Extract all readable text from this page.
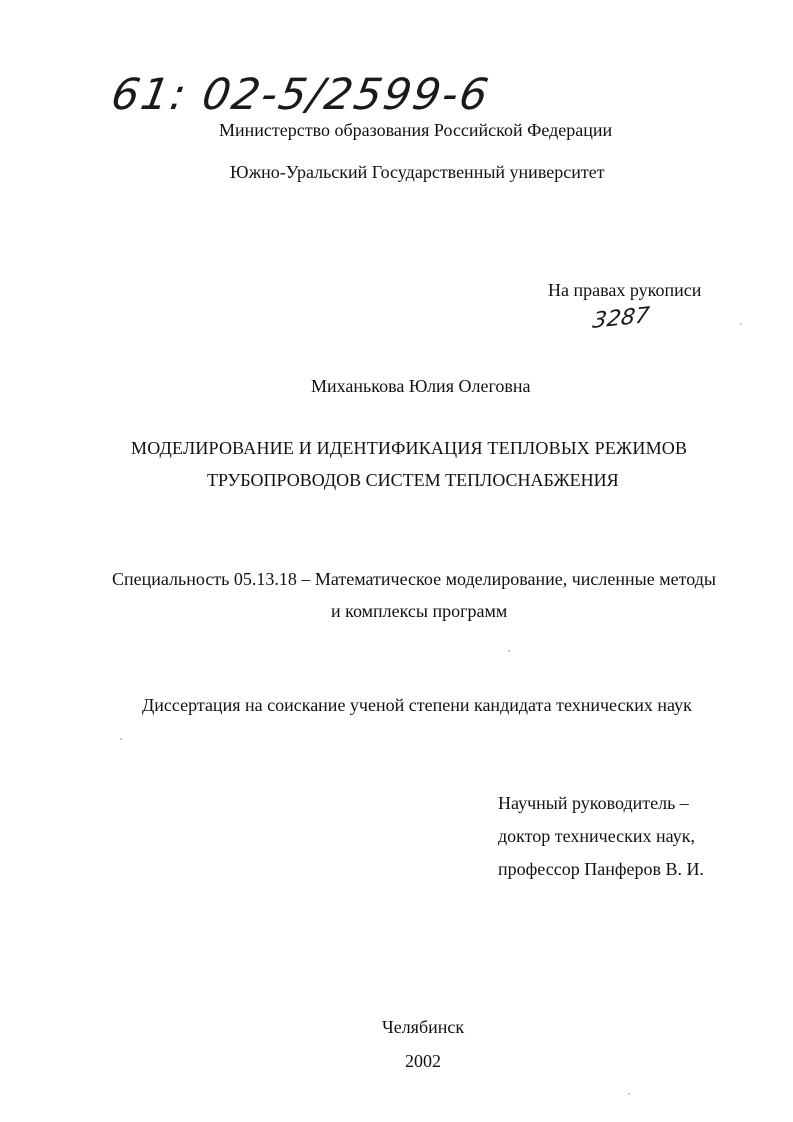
61: 02-5/2599-6
Министерство образования Российской Федерации
Южно-Уральский Государственный университет
На правах рукописи
3287
Миханькова Юлия Олеговна
МОДЕЛИРОВАНИЕ И ИДЕНТИФИКАЦИЯ ТЕПЛОВЫХ РЕЖИМОВ
ТРУБОПРОВОДОВ СИСТЕМ ТЕПЛОСНАБЖЕНИЯ
Специальность 05.13.18 – Математическое моделирование, численные методы
и комплексы программ
Диссертация на соискание ученой степени кандидата технических наук
Научный руководитель –
доктор технических наук,
профессор Панферов В. И.
Челябинск
2002
